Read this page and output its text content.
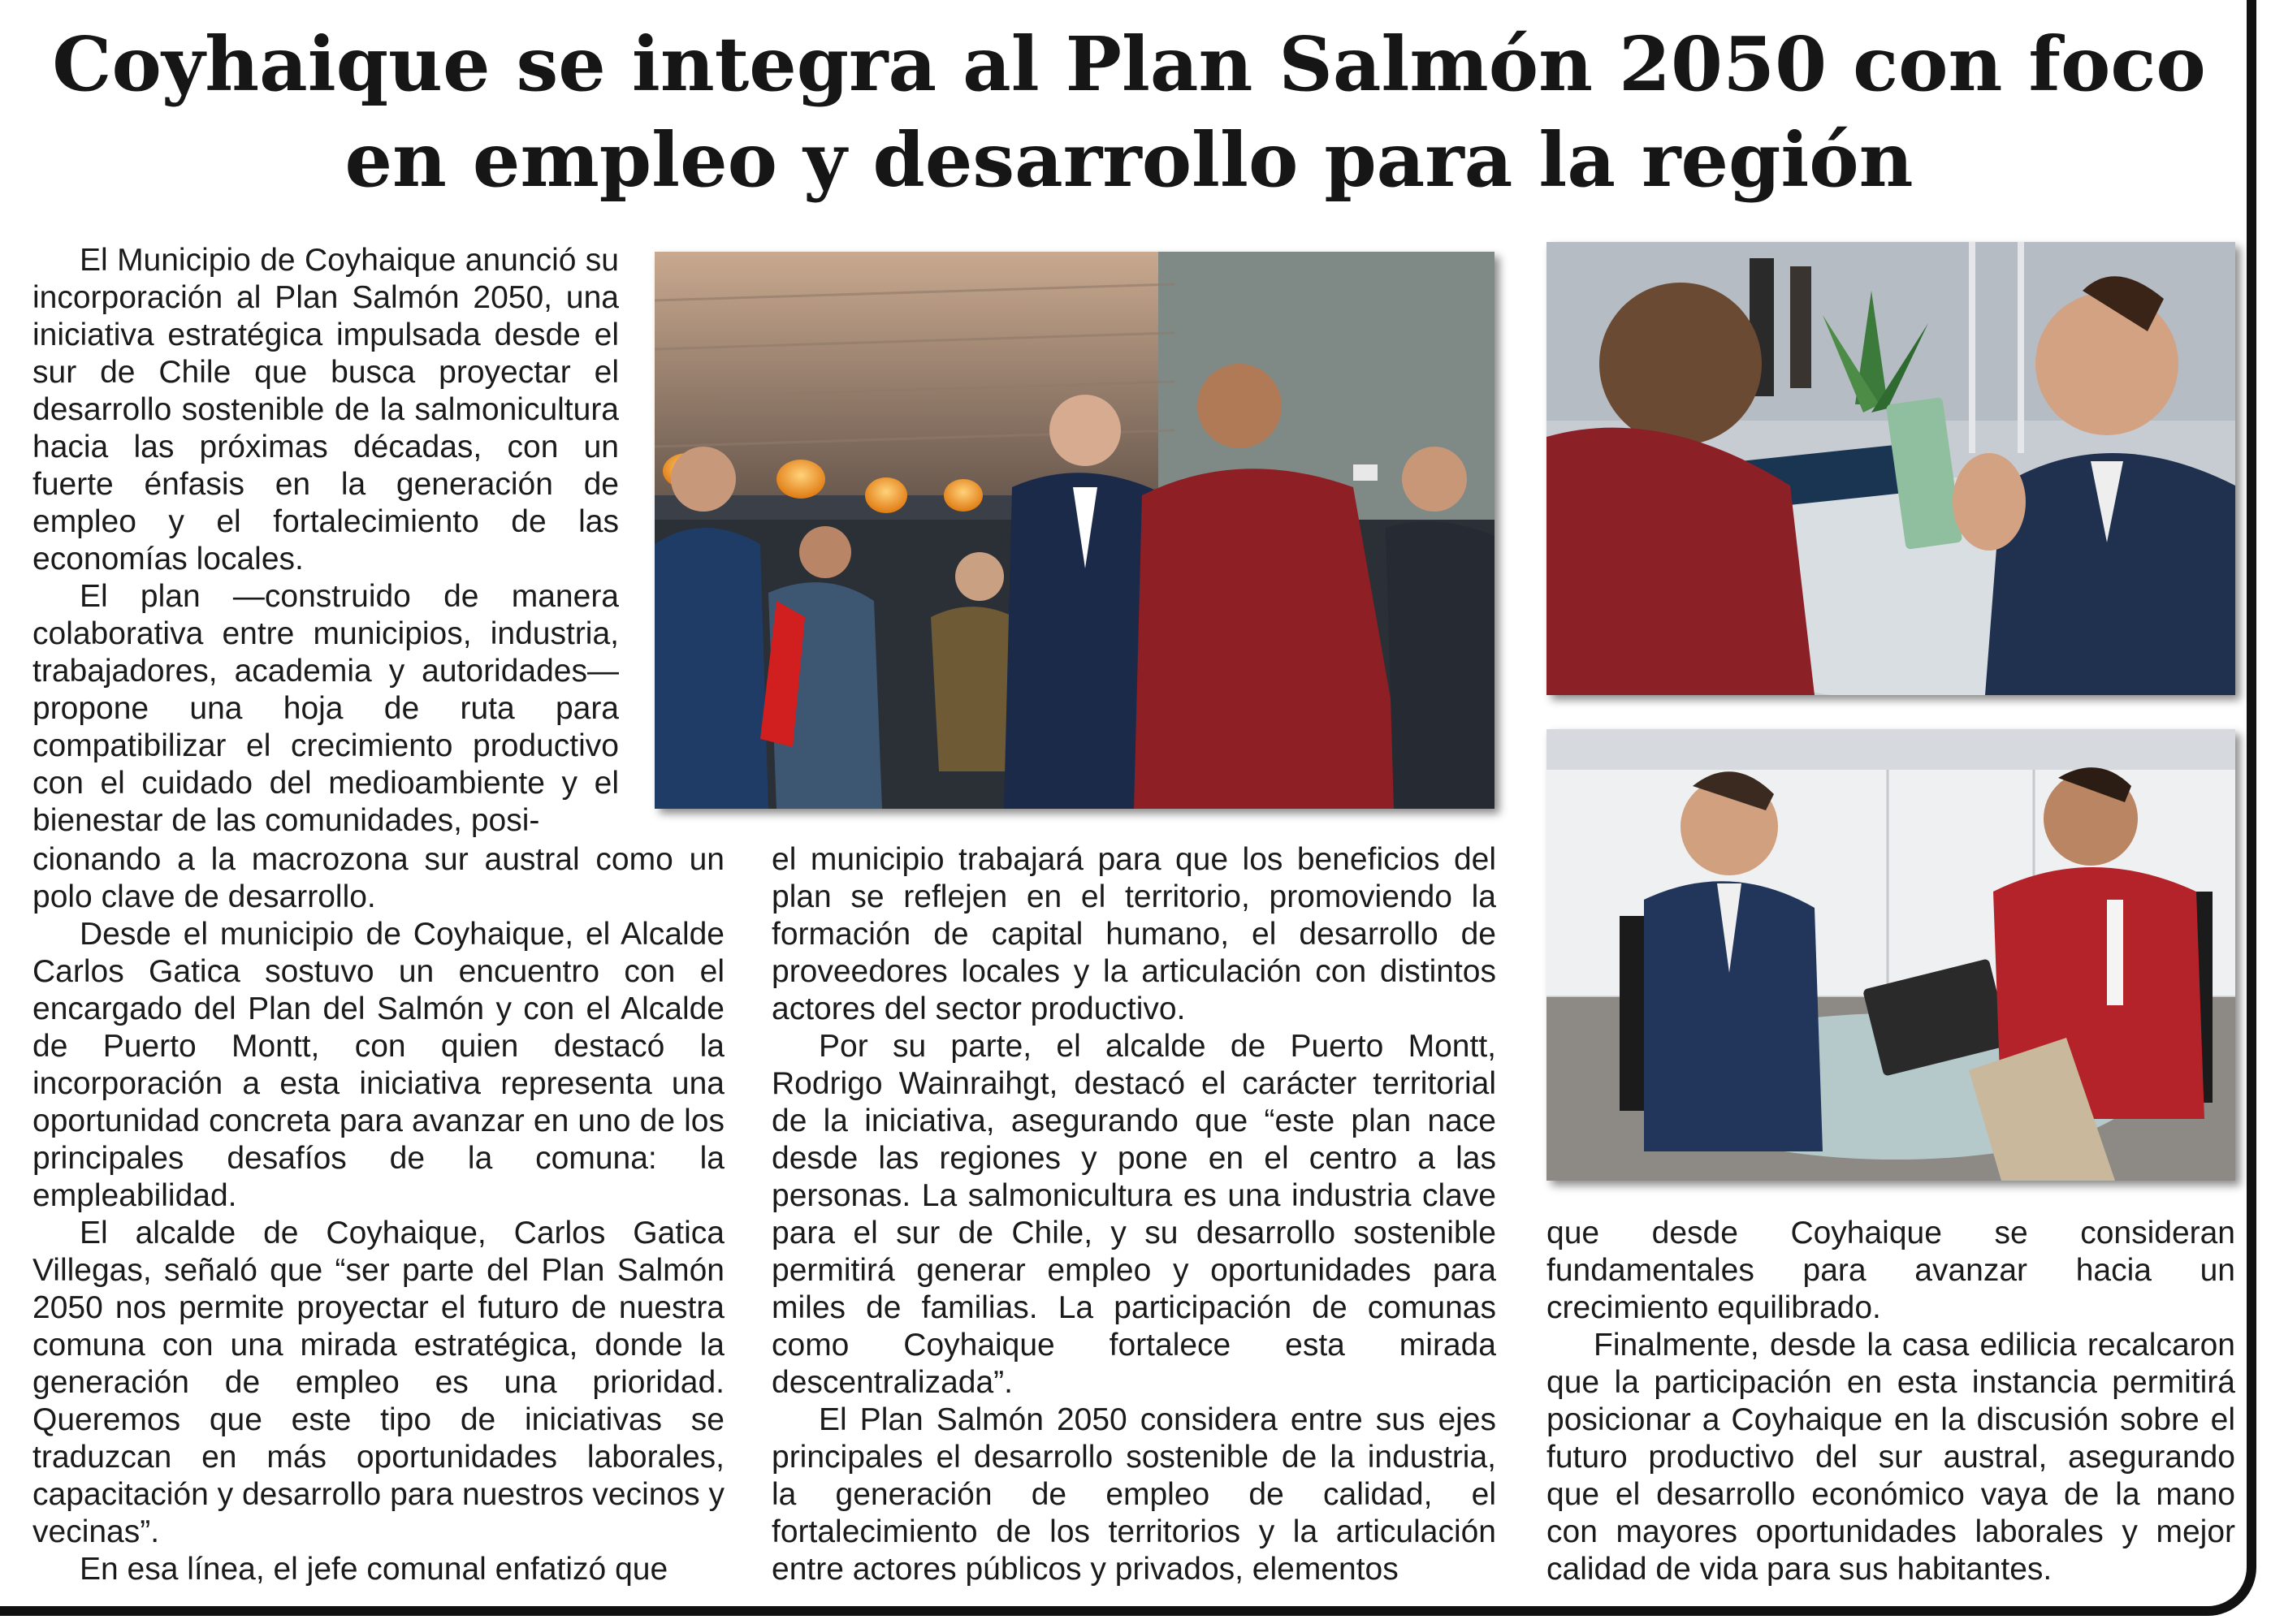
Coyhaique se integra al Plan Salmón 2050 con foco en empleo y desarrollo para la región

El Municipio de Coyhaique anunció su incorporación al Plan Salmón 2050, una iniciativa estratégica impulsada desde el sur de Chile que busca proyectar el desarrollo sostenible de la salmonicultura hacia las próximas décadas, con un fuerte énfasis en la generación de empleo y el fortalecimiento de las economías locales.

El plan —construido de manera colaborativa entre municipios, industria, trabajadores, academia y autoridades— propone una hoja de ruta para compatibilizar el crecimiento productivo con el cuidado del medioambiente y el bienestar de las comunidades, posi-

cionando a la macrozona sur austral como un polo clave de desarrollo.

Desde el municipio de Coyhaique, el Alcalde Carlos Gatica sostuvo un encuentro con el encargado del Plan del Salmón y con el Alcalde de Puerto Montt, con quien destacó la incorporación a esta iniciativa representa una oportunidad concreta para avanzar en uno de los principales desafíos de la comuna: la empleabilidad.

El alcalde de Coyhaique, Carlos Gatica Villegas, señaló que “ser parte del Plan Salmón 2050 nos permite proyectar el futuro de nuestra comuna con una mirada estratégica, donde la generación de empleo es una prioridad. Queremos que este tipo de iniciativas se traduzcan en más oportunidades laborales, capacitación y desarrollo para nuestros vecinos y vecinas”.

En esa línea, el jefe comunal enfatizó que

el municipio trabajará para que los beneficios del plan se reflejen en el territorio, promoviendo la formación de capital humano, el desarrollo de proveedores locales y la articulación con distintos actores del sector productivo.

Por su parte, el alcalde de Puerto Montt, Rodrigo Wainraihgt, destacó el carácter territorial de la iniciativa, asegurando que “este plan nace desde las regiones y pone en el centro a las personas. La salmonicultura es una industria clave para el sur de Chile, y su desarrollo sostenible permitirá generar empleo y oportunidades para miles de familias. La participación de comunas como Coyhaique fortalece esta mirada descentralizada”.

El Plan Salmón 2050 considera entre sus ejes principales el desarrollo sostenible de la industria, la generación de empleo de calidad, el fortalecimiento de los territorios y la articulación entre actores públicos y privados, elementos

que desde Coyhaique se consideran fundamentales para avanzar hacia un crecimiento equilibrado.

Finalmente, desde la casa edilicia recalcaron que la participación en esta instancia permitirá posicionar a Coyhaique en la discusión sobre el futuro productivo del sur austral, asegurando que el desarrollo económico vaya de la mano con mayores oportunidades laborales y mejor calidad de vida para sus habitantes.
